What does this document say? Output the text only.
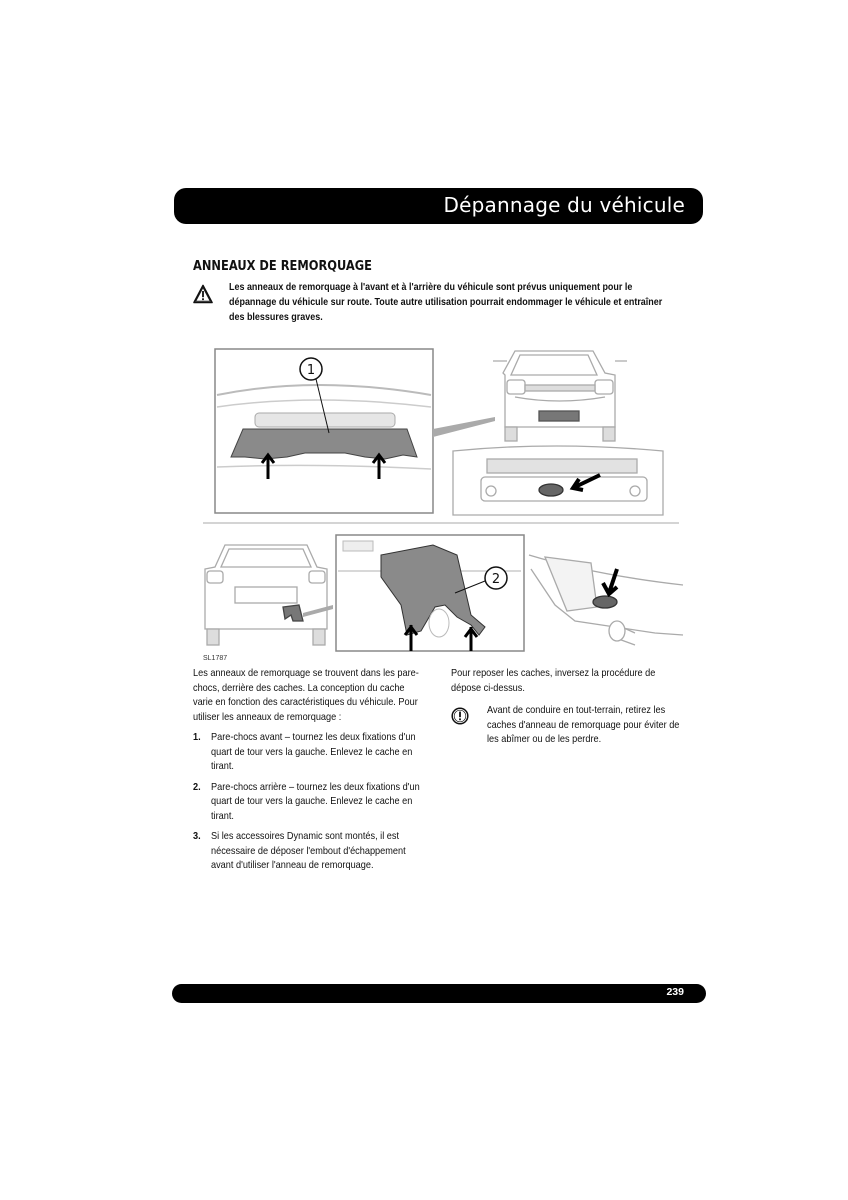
Dépannage du véhicule
ANNEAUX DE REMORQUAGE
Les anneaux de remorquage à l'avant et à l'arrière du véhicule sont prévus uniquement pour le dépannage du véhicule sur route. Toute autre utilisation pourrait endommager le véhicule et entraîner des blessures graves.
SL1787
1
2
Les anneaux de remorquage se trouvent dans les pare-chocs, derrière des caches. La conception du cache varie en fonction des caractéristiques du véhicule. Pour utiliser les anneaux de remorquage :
1. Pare-chocs avant – tournez les deux fixations d'un quart de tour vers la gauche. Enlevez le cache en tirant.
2. Pare-chocs arrière – tournez les deux fixations d'un quart de tour vers la gauche. Enlevez le cache en tirant.
3. Si les accessoires Dynamic sont montés, il est nécessaire de déposer l'embout d'échappement avant d'utiliser l'anneau de remorquage.
Pour reposer les caches, inversez la procédure de dépose ci-dessus.
Avant de conduire en tout-terrain, retirez les caches d'anneau de remorquage pour éviter de les abîmer ou de les perdre.
239
